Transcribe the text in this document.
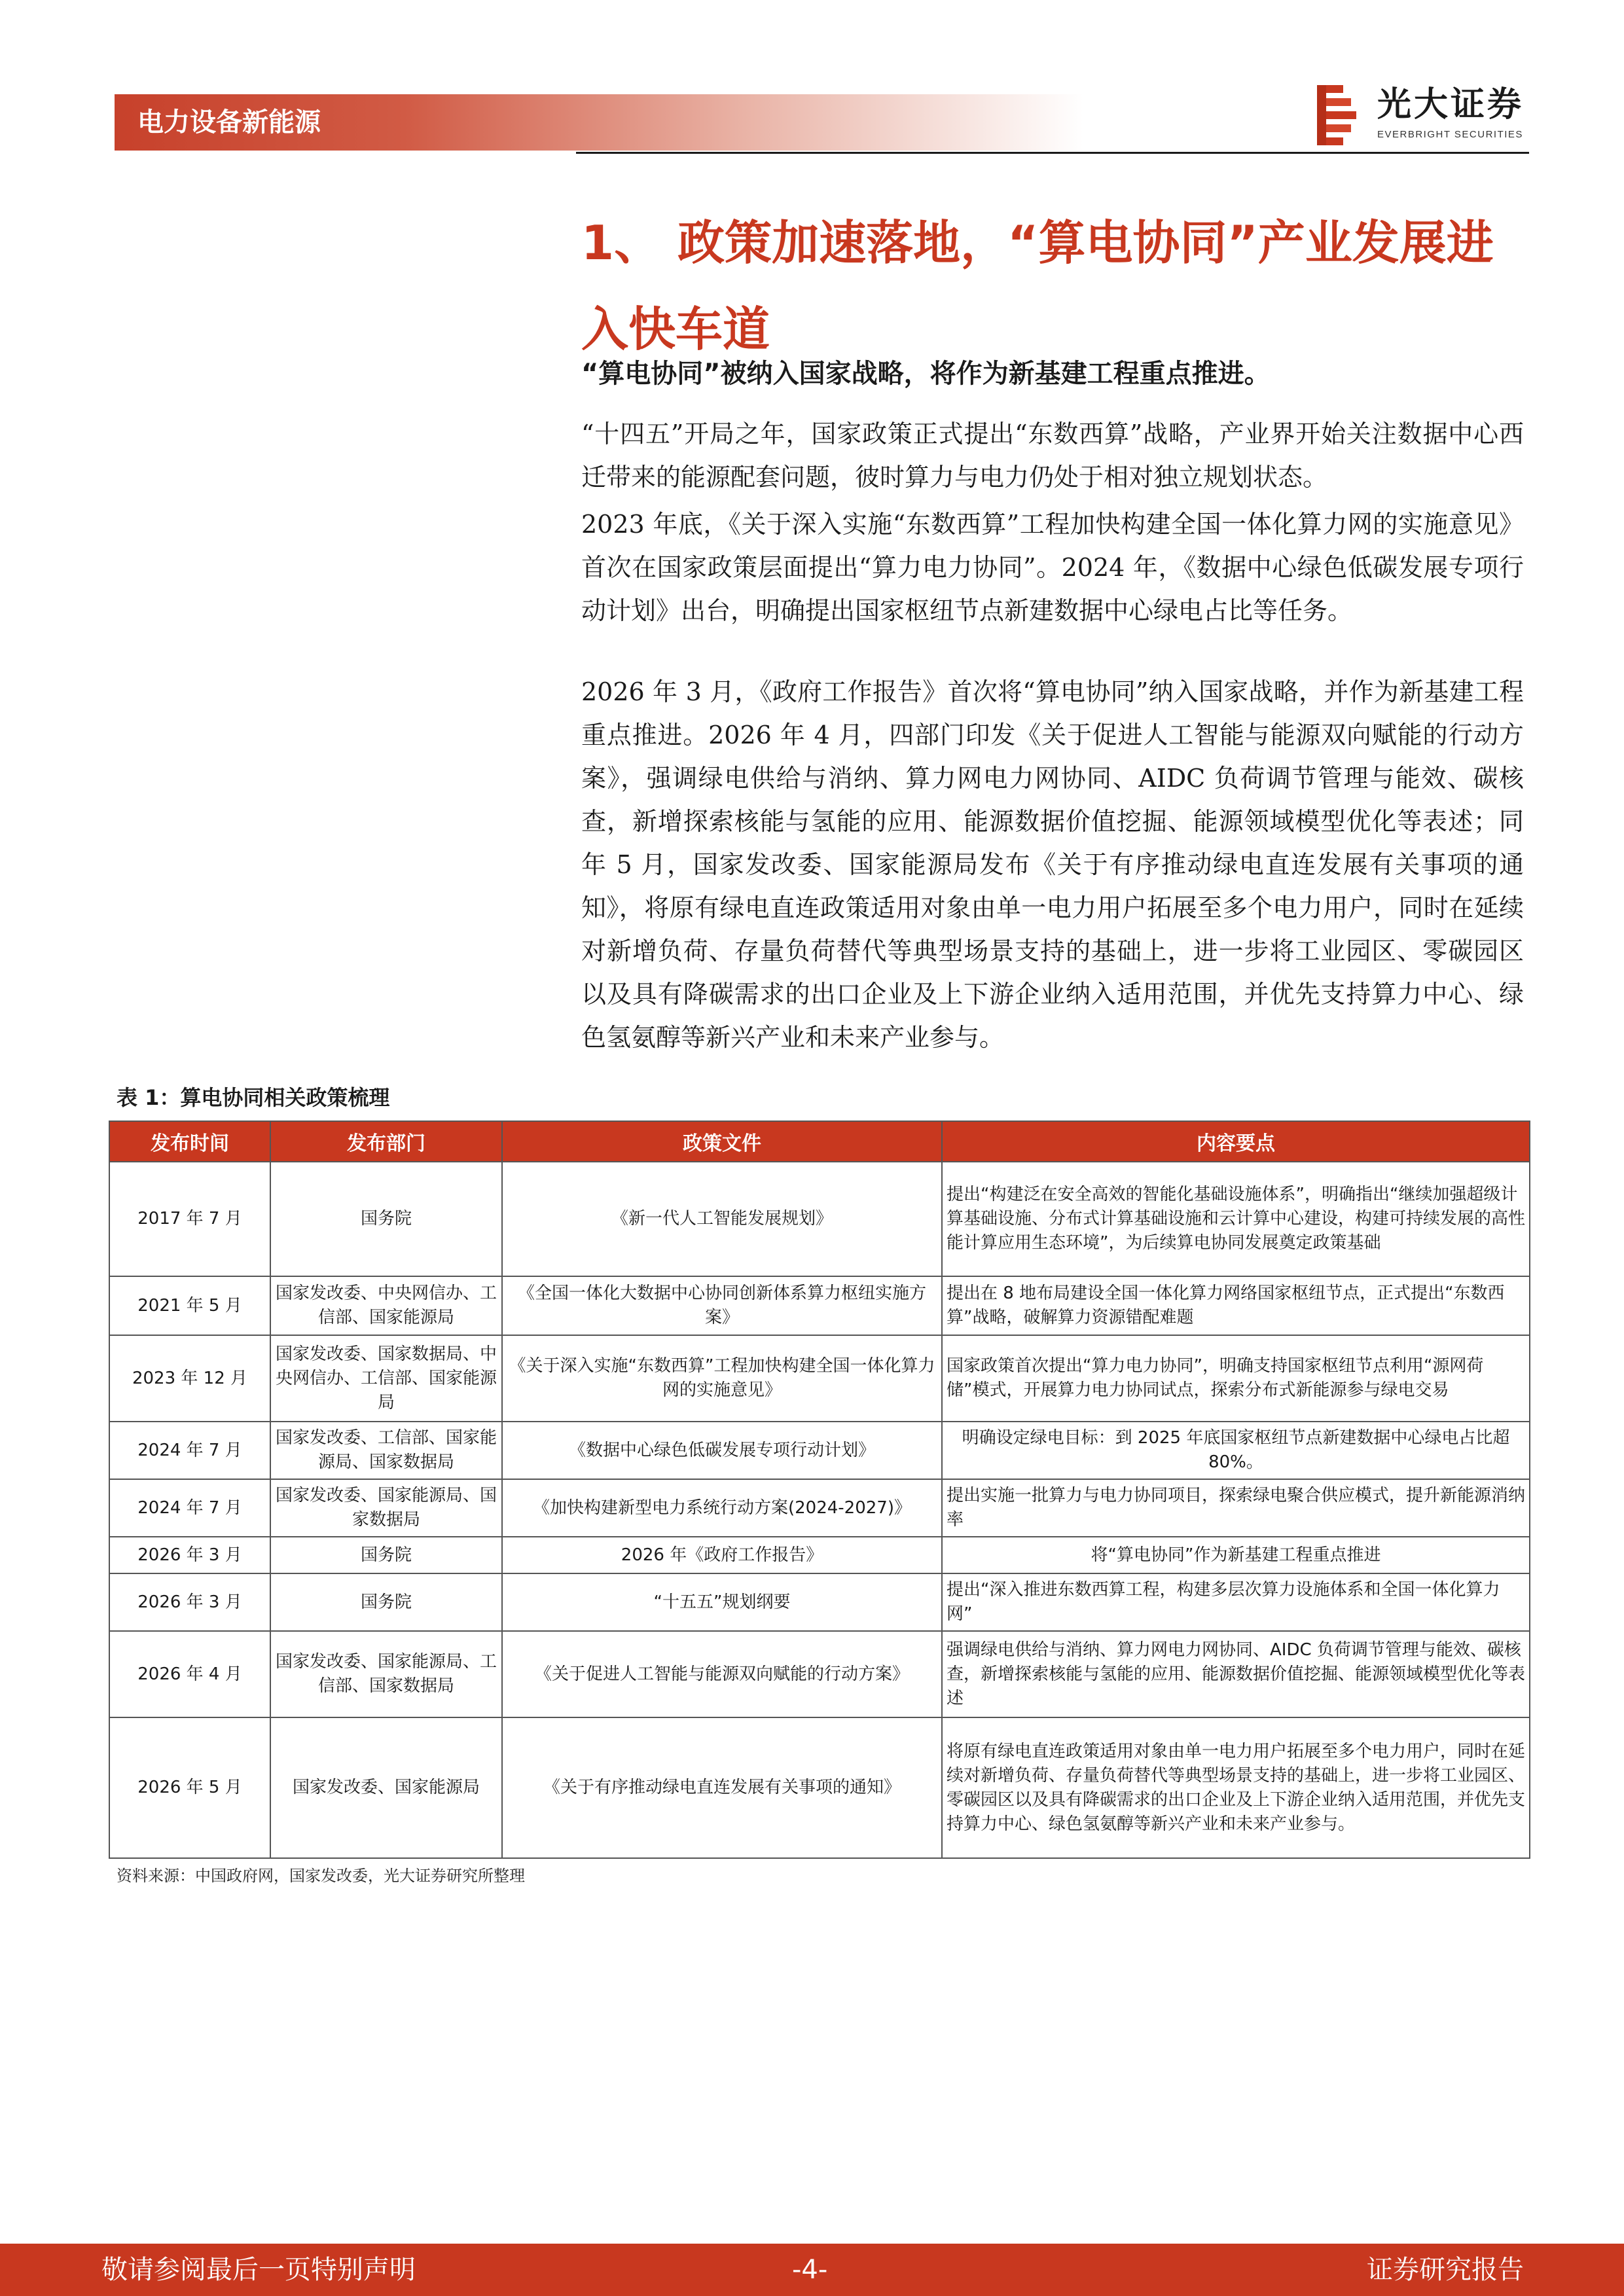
电力设备新能源	光大证券
EVERBRIGHT SECURITIES
1、 政策加速落地，“算电协同”产业发展进入快车道
“算电协同”被纳入国家战略，将作为新基建工程重点推进。

“十四五”开局之年，国家政策正式提出“东数西算”战略，产业界开始关注数据中心西迁带来的能源配套问题，彼时算力与电力仍处于相对独立规划状态。

2023 年底，《关于深入实施“东数西算”工程加快构建全国一体化算力网的实施意见》首次在国家政策层面提出“算力电力协同”。2024 年，《数据中心绿色低碳发展专项行动计划》出台，明确提出国家枢纽节点新建数据中心绿电占比等任务。

2026 年 3 月，《政府工作报告》首次将“算电协同”纳入国家战略，并作为新基建工程重点推进。2026 年 4 月，四部门印发《关于促进人工智能与能源双向赋能的行动方案》，强调绿电供给与消纳、算力网电力网协同、AIDC 负荷调节管理与能效、碳核查，新增探索核能与氢能的应用、能源数据价值挖掘、能源领域模型优化等表述；同年 5 月，国家发改委、国家能源局发布《关于有序推动绿电直连发展有关事项的通知》，将原有绿电直连政策适用对象由单一电力用户拓展至多个电力用户，同时在延续对新增负荷、存量负荷替代等典型场景支持的基础上，进一步将工业园区、零碳园区以及具有降碳需求的出口企业及上下游企业纳入适用范围，并优先支持算力中心、绿色氢氨醇等新兴产业和未来产业参与。

表 1：算电协同相关政策梳理
发布时间	发布部门	政策文件	内容要点
2017 年 7 月	国务院	《新一代人工智能发展规划》	提出“构建泛在安全高效的智能化基础设施体系”，明确指出“继续加强超级计算基础设施、分布式计算基础设施和云计算中心建设，构建可持续发展的高性能计算应用生态环境”，为后续算电协同发展奠定政策基础
2021 年 5 月	国家发改委、中央网信办、工信部、国家能源局	《全国一体化大数据中心协同创新体系算力枢纽实施方案》	提出在 8 地布局建设全国一体化算力网络国家枢纽节点，正式提出“东数西算”战略，破解算力资源错配难题
2023 年 12 月	国家发改委、国家数据局、中央网信办、工信部、国家能源局	《关于深入实施“东数西算”工程加快构建全国一体化算力网的实施意见》	国家政策首次提出“算力电力协同”，明确支持国家枢纽节点利用“源网荷储”模式，开展算力电力协同试点，探索分布式新能源参与绿电交易
2024 年 7 月	国家发改委、工信部、国家能源局、国家数据局	《数据中心绿色低碳发展专项行动计划》	明确设定绿电目标：到 2025 年底国家枢纽节点新建数据中心绿电占比超 80%。
2024 年 7 月	国家发改委、国家能源局、国家数据局	《加快构建新型电力系统行动方案(2024-2027)》	提出实施一批算力与电力协同项目，探索绿电聚合供应模式，提升新能源消纳率
2026 年 3 月	国务院	2026 年《政府工作报告》	将“算电协同”作为新基建工程重点推进
2026 年 3 月	国务院	“十五五”规划纲要	提出“深入推进东数西算工程，构建多层次算力设施体系和全国一体化算力网”
2026 年 4 月	国家发改委、国家能源局、工信部、国家数据局	《关于促进人工智能与能源双向赋能的行动方案》	强调绿电供给与消纳、算力网电力网协同、AIDC 负荷调节管理与能效、碳核查，新增探索核能与氢能的应用、能源数据价值挖掘、能源领域模型优化等表述
2026 年 5 月	国家发改委、国家能源局	《关于有序推动绿电直连发展有关事项的通知》	将原有绿电直连政策适用对象由单一电力用户拓展至多个电力用户，同时在延续对新增负荷、存量负荷替代等典型场景支持的基础上，进一步将工业园区、零碳园区以及具有降碳需求的出口企业及上下游企业纳入适用范围，并优先支持算力中心、绿色氢氨醇等新兴产业和未来产业参与。
资料来源：中国政府网，国家发改委，光大证券研究所整理
敬请参阅最后一页特别声明	-4-	证券研究报告
